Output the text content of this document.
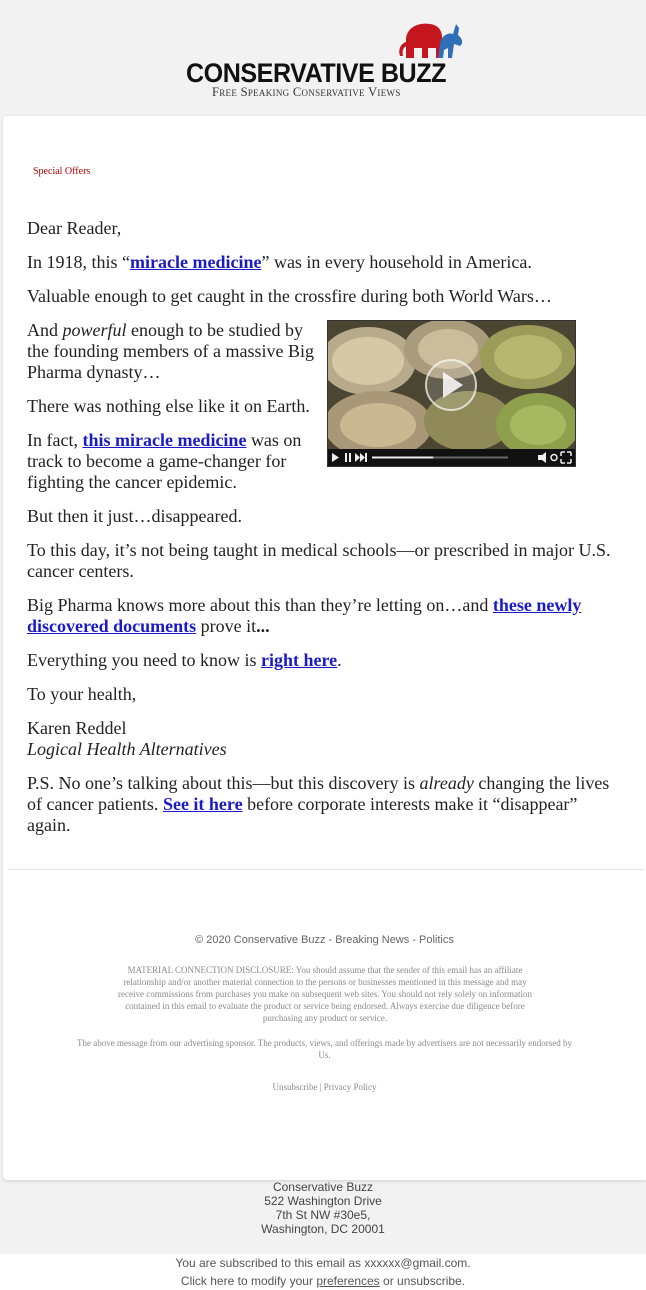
CONSERVATIVE BUZZ
Free Speaking Conservative Views
Special Offers

Dear Reader,

In 1918, this “miracle medicine” was in every household in America.

Valuable enough to get caught in the crossfire during both World Wars…

And powerful enough to be studied by the founding members of a massive Big Pharma dynasty…

There was nothing else like it on Earth.

In fact, this miracle medicine was on track to become a game-changer for fighting the cancer epidemic.

But then it just…disappeared.

To this day, it’s not being taught in medical schools—or prescribed in major U.S. cancer centers.

Big Pharma knows more about this than they’re letting on…and these newly discovered documents prove it...

Everything you need to know is right here.

To your health,

Karen Reddel
Logical Health Alternatives

P.S. No one’s talking about this—but this discovery is already changing the lives of cancer patients. See it here before corporate interests make it “disappear” again.

© 2020 Conservative Buzz - Breaking News - Politics
MATERIAL CONNECTION DISCLOSURE: You should assume that the sender of this email has an affiliate relationship and/or another material connection to the persons or businesses mentioned in this message and may receive commissions from purchases you make on subsequent web sites. You should not rely solely on information contained in this email to evaluate the product or service being endorsed. Always exercise due diligence before purchasing any product or service.
The above message from our advertising sponsor. The products, views, and offerings made by advertisers are not necessarily endorsed by Us.
Unsubscribe | Privacy Policy
Conservative Buzz
522 Washington Drive
7th St NW #30e5,
Washington, DC 20001
You are subscribed to this email as xxxxxx@gmail.com.
Click here to modify your preferences or unsubscribe.
